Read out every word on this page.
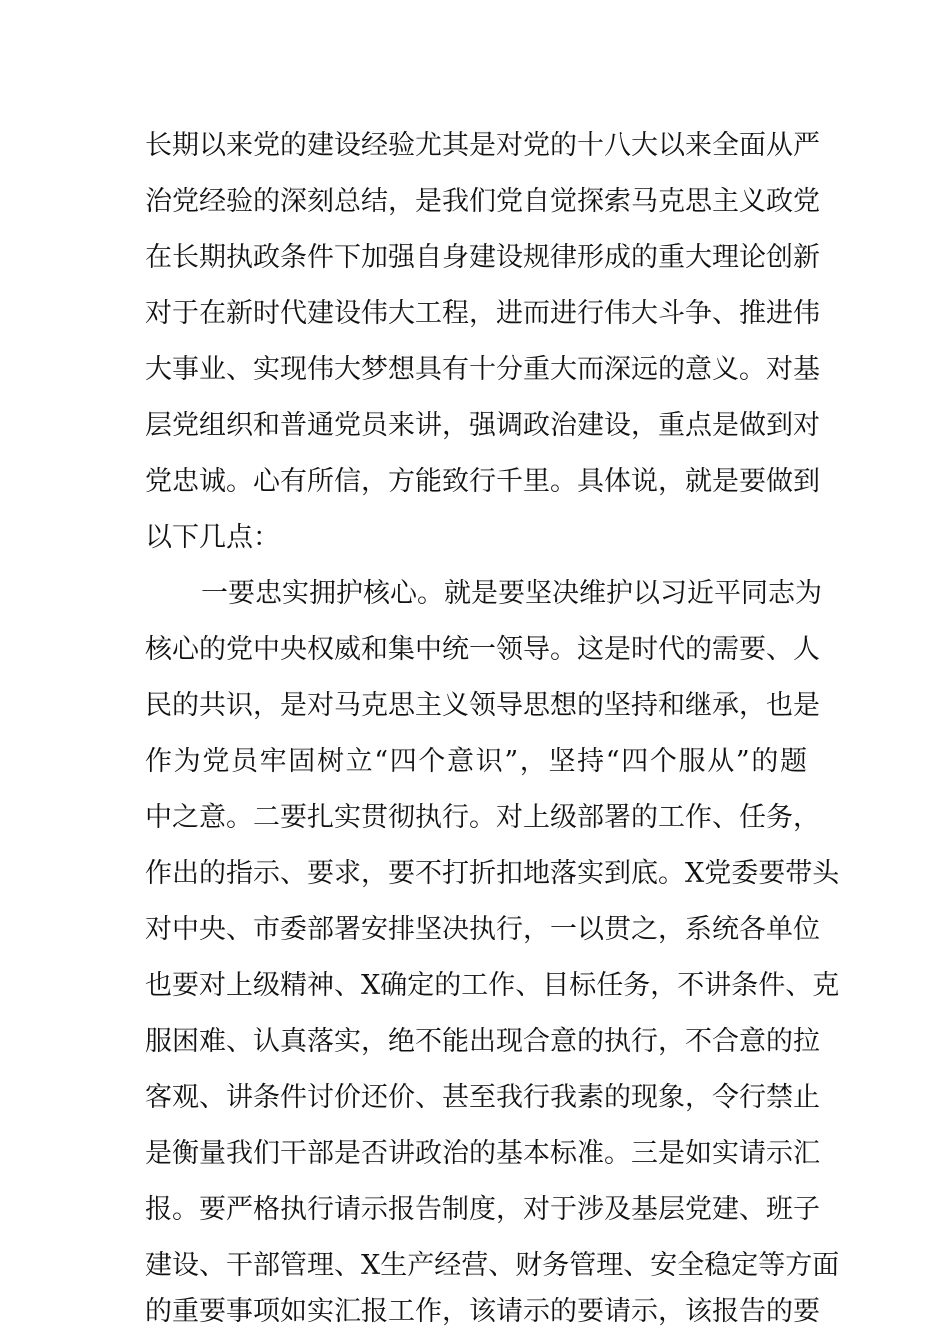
长期以来党的建设经验尤其是对党的十八大以来全面从严
治党经验的深刻总结，是我们党自觉探索马克思主义政党
在长期执政条件下加强自身建设规律形成的重大理论创新
对于在新时代建设伟大工程，进而进行伟大斗争、推进伟
大事业、实现伟大梦想具有十分重大而深远的意义。对基
层党组织和普通党员来讲，强调政治建设，重点是做到对
党忠诚。心有所信，方能致行千里。具体说，就是要做到
以下几点：
一要忠实拥护核心。就是要坚决维护以习近平同志为
核心的党中央权威和集中统一领导。这是时代的需要、人
民的共识，是对马克思主义领导思想的坚持和继承，也是
作为党员牢固树立“四个意识”，坚持“四个服从”的题
中之意。二要扎实贯彻执行。对上级部署的工作、任务，
作出的指示、要求，要不打折扣地落实到底。X党委要带头
对中央、市委部署安排坚决执行，一以贯之，系统各单位
也要对上级精神、X确定的工作、目标任务，不讲条件、克
服困难、认真落实，绝不能出现合意的执行，不合意的拉
客观、讲条件讨价还价、甚至我行我素的现象，令行禁止
是衡量我们干部是否讲政治的基本标准。三是如实请示汇
报。要严格执行请示报告制度，对于涉及基层党建、班子
建设、干部管理、X生产经营、财务管理、安全稳定等方面
的重要事项如实汇报工作，该请示的要请示，该报告的要
